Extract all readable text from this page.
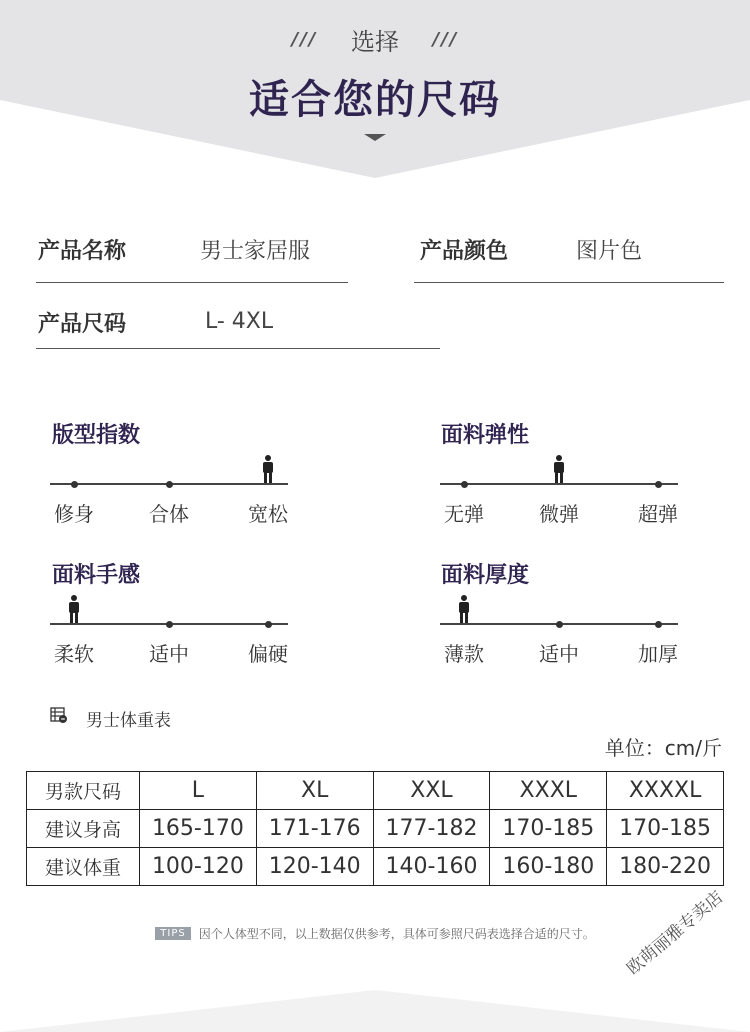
/// 选择 ///
适合您的尺码
产品名称	男士家居服	产品颜色	图片色
产品尺码	L- 4XL
版型指数
修身	合体	宽松
面料弹性
无弹	微弹	超弹
面料手感
柔软	适中	偏硬
面料厚度
薄款	适中	加厚
男士体重表
单位：cm/斤
男款尺码	L	XL	XXL	XXXL	XXXXL
建议身高	165-170	171-176	177-182	170-185	170-185
建议体重	100-120	120-140	140-160	160-180	180-220
TIPS 因个人体型不同，以上数据仅供参考，具体可参照尺码表选择合适的尺寸。	欧萌丽雅专卖店
